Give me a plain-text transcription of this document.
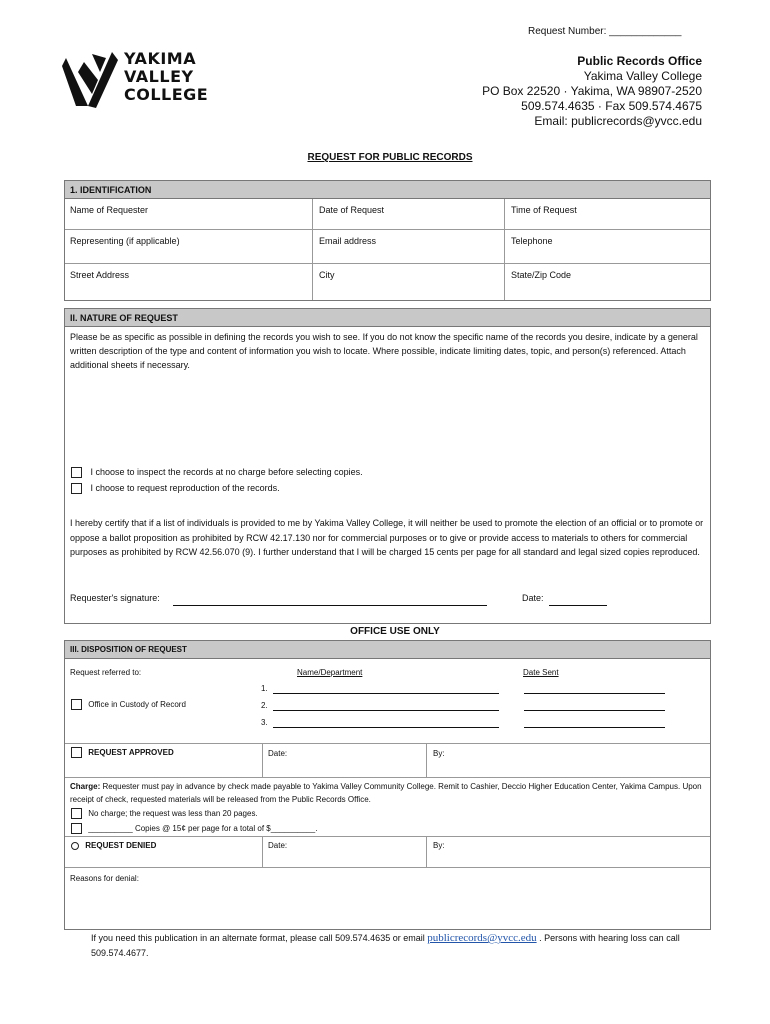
Request Number: _____________
YAKIMA
VALLEY
COLLEGE
Public Records Office
Yakima Valley College
PO Box 22520 · Yakima, WA 98907-2520
509.574.4635 · Fax 509.574.4675
Email: publicrecords@yvcc.edu
REQUEST FOR PUBLIC RECORDS
1. IDENTIFICATION
Name of Requester	Date of Request	Time of Request
Representing (if applicable)	Email address	Telephone
Street Address	City	State/Zip Code
II. NATURE OF REQUEST
Please be as specific as possible in defining the records you wish to see. If you do not know the specific name of the records you desire, indicate by a general written description of the type and content of information you wish to locate. Where possible, indicate limiting dates, topic, and person(s) referenced. Attach additional sheets if necessary.
I choose to inspect the records at no charge before selecting copies.
I choose to request reproduction of the records.
I hereby certify that if a list of individuals is provided to me by Yakima Valley College, it will neither be used to promote the election of an official or to promote or oppose a ballot proposition as prohibited by RCW 42.17.130 nor for commercial purposes or to give or provide access to materials to others for commercial purposes as prohibited by RCW 42.56.070 (9). I further understand that I will be charged 15 cents per page for all standard and legal sized copies reproduced.
Requester's signature:	Date:
OFFICE USE ONLY
III. DISPOSITION OF REQUEST
Request referred to:	Name/Department	Date Sent
1.
2.
3.
Office in Custody of Record
REQUEST APPROVED	Date:	By:
Charge: Requester must pay in advance by check made payable to Yakima Valley Community College. Remit to Cashier, Deccio Higher Education Center, Yakima Campus. Upon receipt of check, requested materials will be released from the Public Records Office.
No charge; the request was less than 20 pages.
__________ Copies @ 15¢ per page for a total of $__________.
REQUEST DENIED	Date:	By:
Reasons for denial:
If you need this publication in an alternate format, please call 509.574.4635 or email publicrecords@yvcc.edu . Persons with hearing loss can call 509.574.4677.
